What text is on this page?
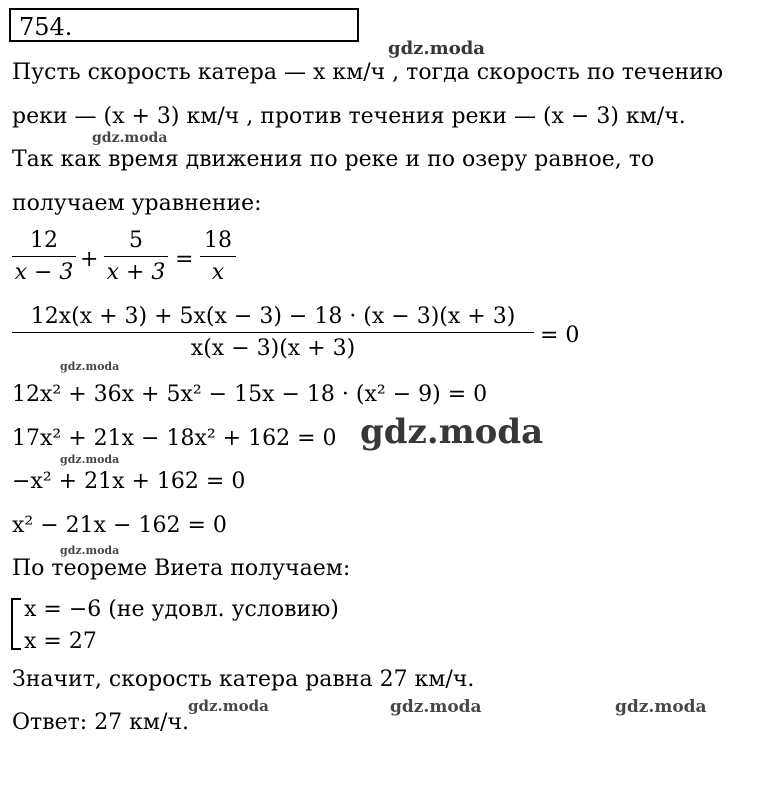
754.
Пусть скорость катера — x км/ч , тогда скорость по течению
реки — (x + 3) км/ч , против течения реки — (x − 3) км/ч.
Так как время движения по реке и по озеру равное, то
получаем уравнение:
12
x − 3
+
5
x + 3
=
18
x
12x(x + 3) + 5x(x − 3) − 18 · (x − 3)(x + 3)
x(x − 3)(x + 3)
= 0
12x² + 36x + 5x² − 15x − 18 · (x² − 9) = 0
17x² + 21x − 18x² + 162 = 0
−x² + 21x + 162 = 0
x² − 21x − 162 = 0
По теореме Виета получаем:
x = −6 (не удовл. условию)
x = 27
Значит, скорость катера равна 27 км/ч.
Ответ: 27 км/ч.
gdz.moda
gdz.moda
gdz.moda
gdz.moda
gdz.moda
gdz.moda
gdz.moda	gdz.moda	gdz.moda
